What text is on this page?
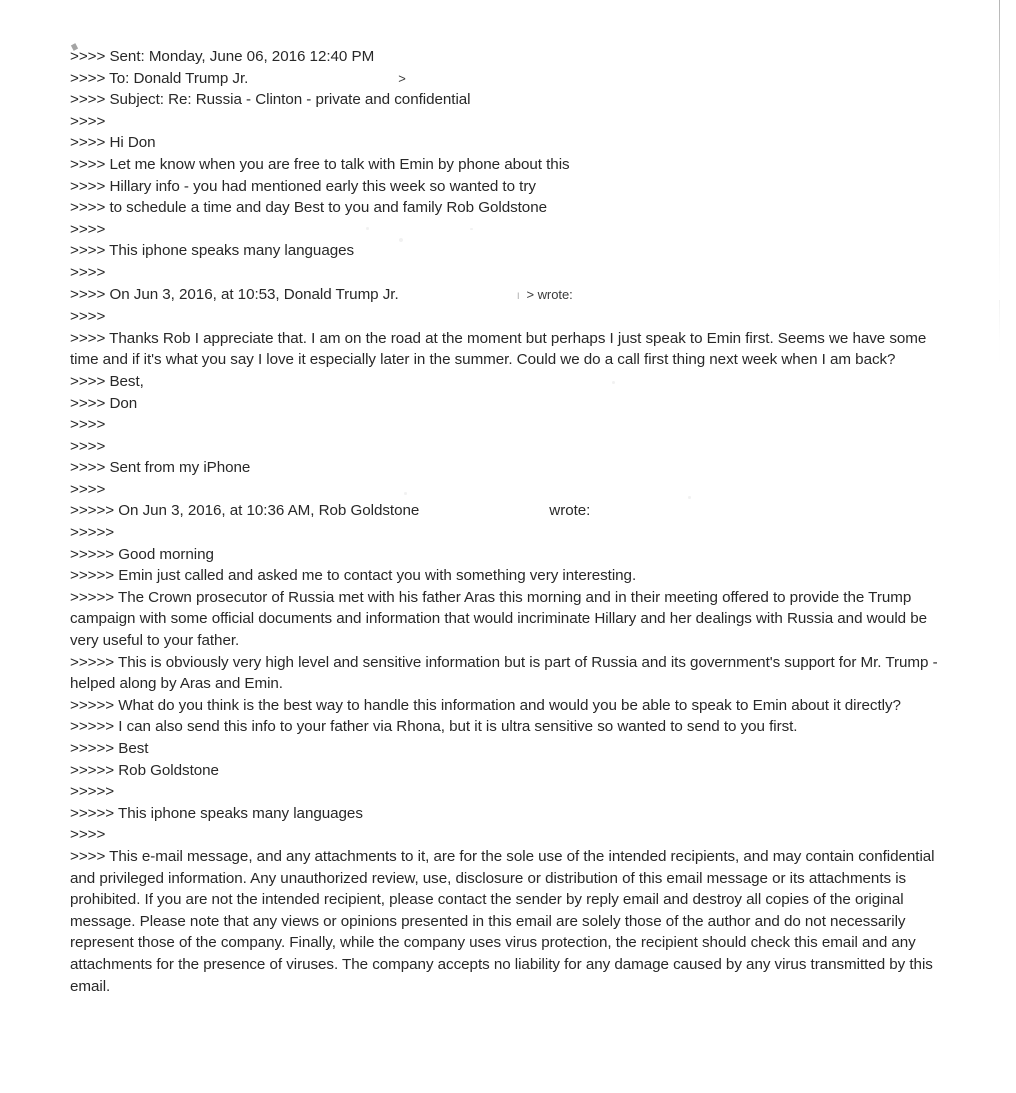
>>>> Sent: Monday, June 06, 2016 12:40 PM
>>>> To: Donald Trump Jr.	>
>>>> Subject: Re: Russia - Clinton - private and confidential
>>>>
>>>> Hi Don
>>>> Let me know when you are free to talk with Emin by phone about this
>>>> Hillary info - you had mentioned early this week so wanted to try
>>>> to schedule a time and day Best to you and family Rob Goldstone
>>>>
>>>> This iphone speaks many languages
>>>>
>>>> On Jun 3, 2016, at 10:53, Donald Trump Jr.	ı  > wrote:
>>>>
>>>> Thanks Rob I appreciate that. I am on the road at the moment but perhaps I just speak to Emin first. Seems we have some time and if it's what you say I love it especially later in the summer. Could we do a call first thing next week when I am back?
>>>> Best,
>>>> Don
>>>>
>>>>
>>>> Sent from my iPhone
>>>>
>>>>> On Jun 3, 2016, at 10:36 AM, Rob Goldstone	wrote:
>>>>>
>>>>> Good morning
>>>>> Emin just called and asked me to contact you with something very interesting.
>>>>> The Crown prosecutor of Russia met with his father Aras this morning and in their meeting offered to provide the Trump campaign with some official documents and information that would incriminate Hillary and her dealings with Russia and would be very useful to your father.
>>>>> This is obviously very high level and sensitive information but is part of Russia and its government's support for Mr. Trump - helped along by Aras and Emin.
>>>>> What do you think is the best way to handle this information and would you be able to speak to Emin about it directly?
>>>>> I can also send this info to your father via Rhona, but it is ultra sensitive so wanted to send to you first.
>>>>> Best
>>>>> Rob Goldstone
>>>>>
>>>>> This iphone speaks many languages
>>>>
>>>> This e-mail message, and any attachments to it, are for the sole use of the intended recipients, and may contain confidential and privileged information. Any unauthorized review, use, disclosure or distribution of this email message or its attachments is prohibited. If you are not the intended recipient, please contact the sender by reply email and destroy all copies of the original message. Please note that any views or opinions presented in this email are solely those of the author and do not necessarily represent those of the company. Finally, while the company uses virus protection, the recipient should check this email and any attachments for the presence of viruses. The company accepts no liability for any damage caused by any virus transmitted by this email.
